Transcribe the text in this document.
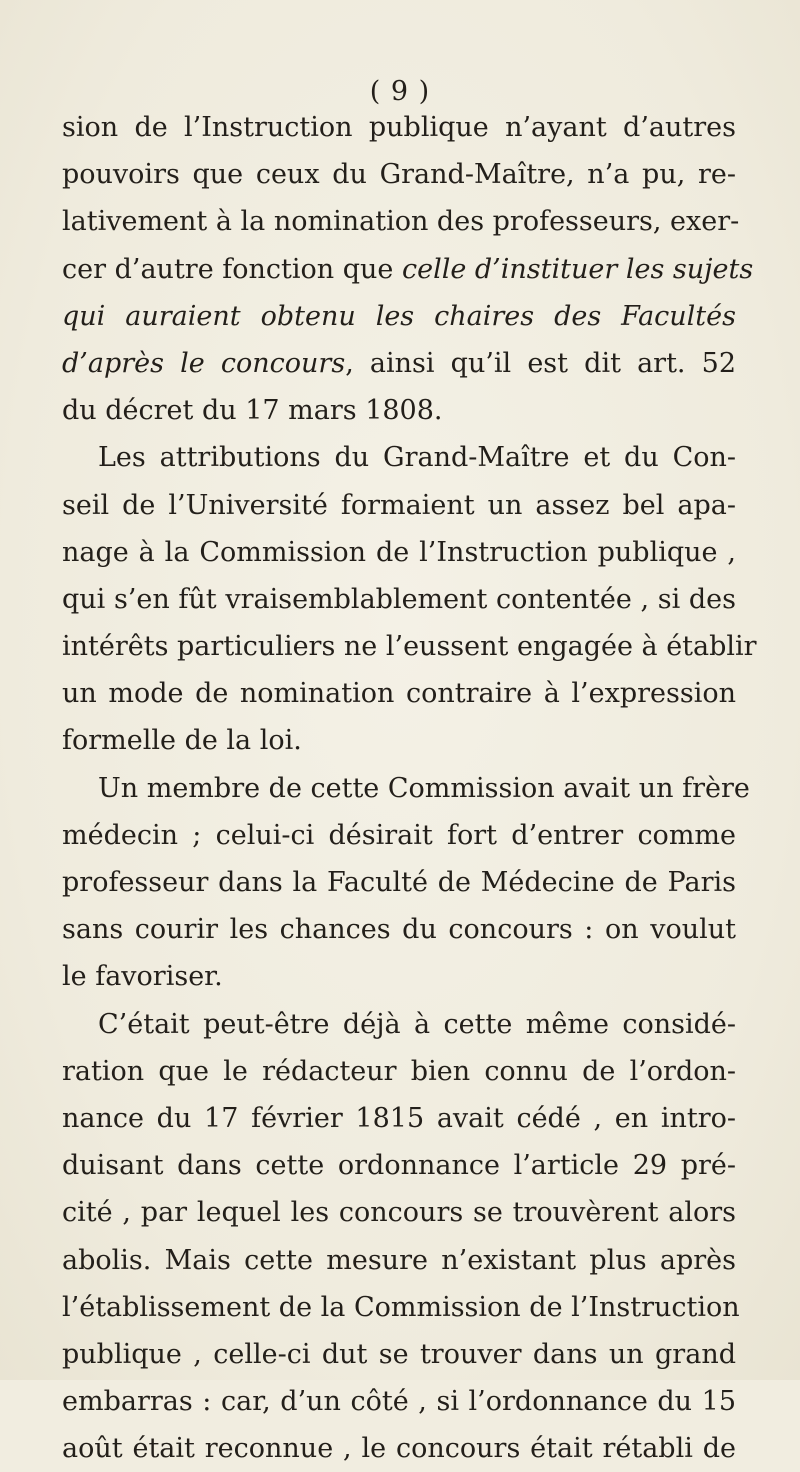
( 9 )
sion de l’Instruction publique n’ayant d’autres
pouvoirs que ceux du Grand-Maître, n’a pu, re-
lativement à la nomination des professeurs, exer-
cer d’autre fonction que celle d’instituer les sujets
qui auraient obtenu les chaires des Facultés
d’après le concours, ainsi qu’il est dit art. 52
du décret du 17 mars 1808.
Les attributions du Grand-Maître et du Con-
seil de l’Université formaient un assez bel apa-
nage à la Commission de l’Instruction publique ,
qui s’en fût vraisemblablement contentée , si des
intérêts particuliers ne l’eussent engagée à établir
un mode de nomination contraire à l’expression
formelle de la loi.
Un membre de cette Commission avait un frère
médecin ; celui-ci désirait fort d’entrer comme
professeur dans la Faculté de Médecine de Paris
sans courir les chances du concours : on voulut
le favoriser.
C’était peut-être déjà à cette même considé-
ration que le rédacteur bien connu de l’ordon-
nance du 17 février 1815 avait cédé , en intro-
duisant dans cette ordonnance l’article 29 pré-
cité , par lequel les concours se trouvèrent alors
abolis. Mais cette mesure n’existant plus après
l’établissement de la Commission de l’Instruction
publique , celle-ci dut se trouver dans un grand
embarras : car, d’un côté , si l’ordonnance du 15
août était reconnue , le concours était rétabli de
